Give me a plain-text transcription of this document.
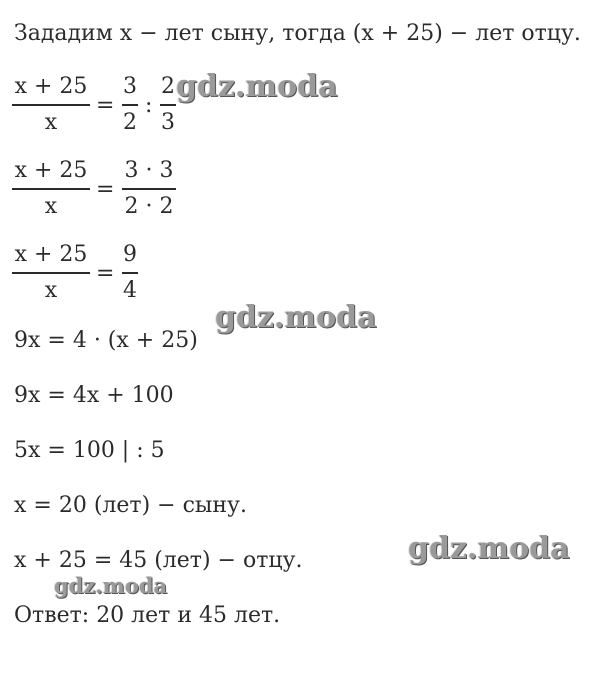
Зададим x − лет сыну, тогда (x + 25) − лет отцу.
x + 25
x
=
3
2
:
2
3
x + 25
x
=
3 · 3
2 · 2
x + 25
x
=
9
4
9x = 4 · (x + 25)
9x = 4x + 100
5x = 100 | : 5
x = 20 (лет) − сыну.
x + 25 = 45 (лет) − отцу.
Ответ: 20 лет и 45 лет.
gdz.moda
gdz.moda
gdz.moda
gdz.moda
